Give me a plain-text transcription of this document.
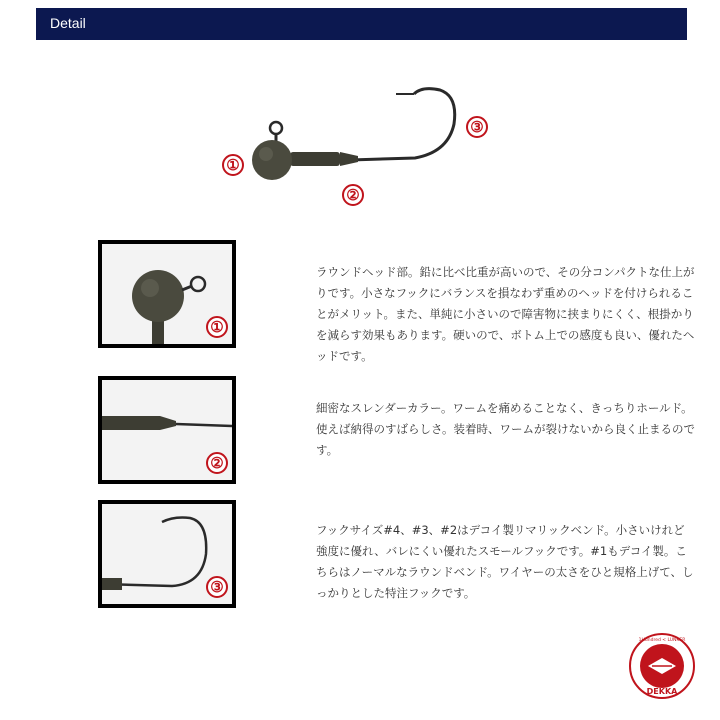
Detail
①
②
③
①
ラウンドヘッド部。鉛に比べ比重が高いので、その分コンパクトな仕上がりです。小さなフックにバランスを損なわず重めのヘッドを付けられることがメリット。また、単純に小さいので障害物に挟まりにくく、根掛かりを減らす効果もあります。硬いので、ボトム上での感度も良い、優れたヘッドです。
②
細密なスレンダーカラー。ワームを痛めることなく、きっちりホールド。使えば納得のすばらしさ。装着時、ワームが裂けないから良く止まるのです。
③
フックサイズ#4、#3、#2はデコイ製リマリックベンド。小さいけれど強度に優れ、バレにくい優れたスモールフックです。#1もデコイ製。こちらはノーマルなラウンドベンド。ワイヤーの太さをひと規格上げて、しっかりとした特注フックです。
DEKKA
1Hundred < LUNKER
